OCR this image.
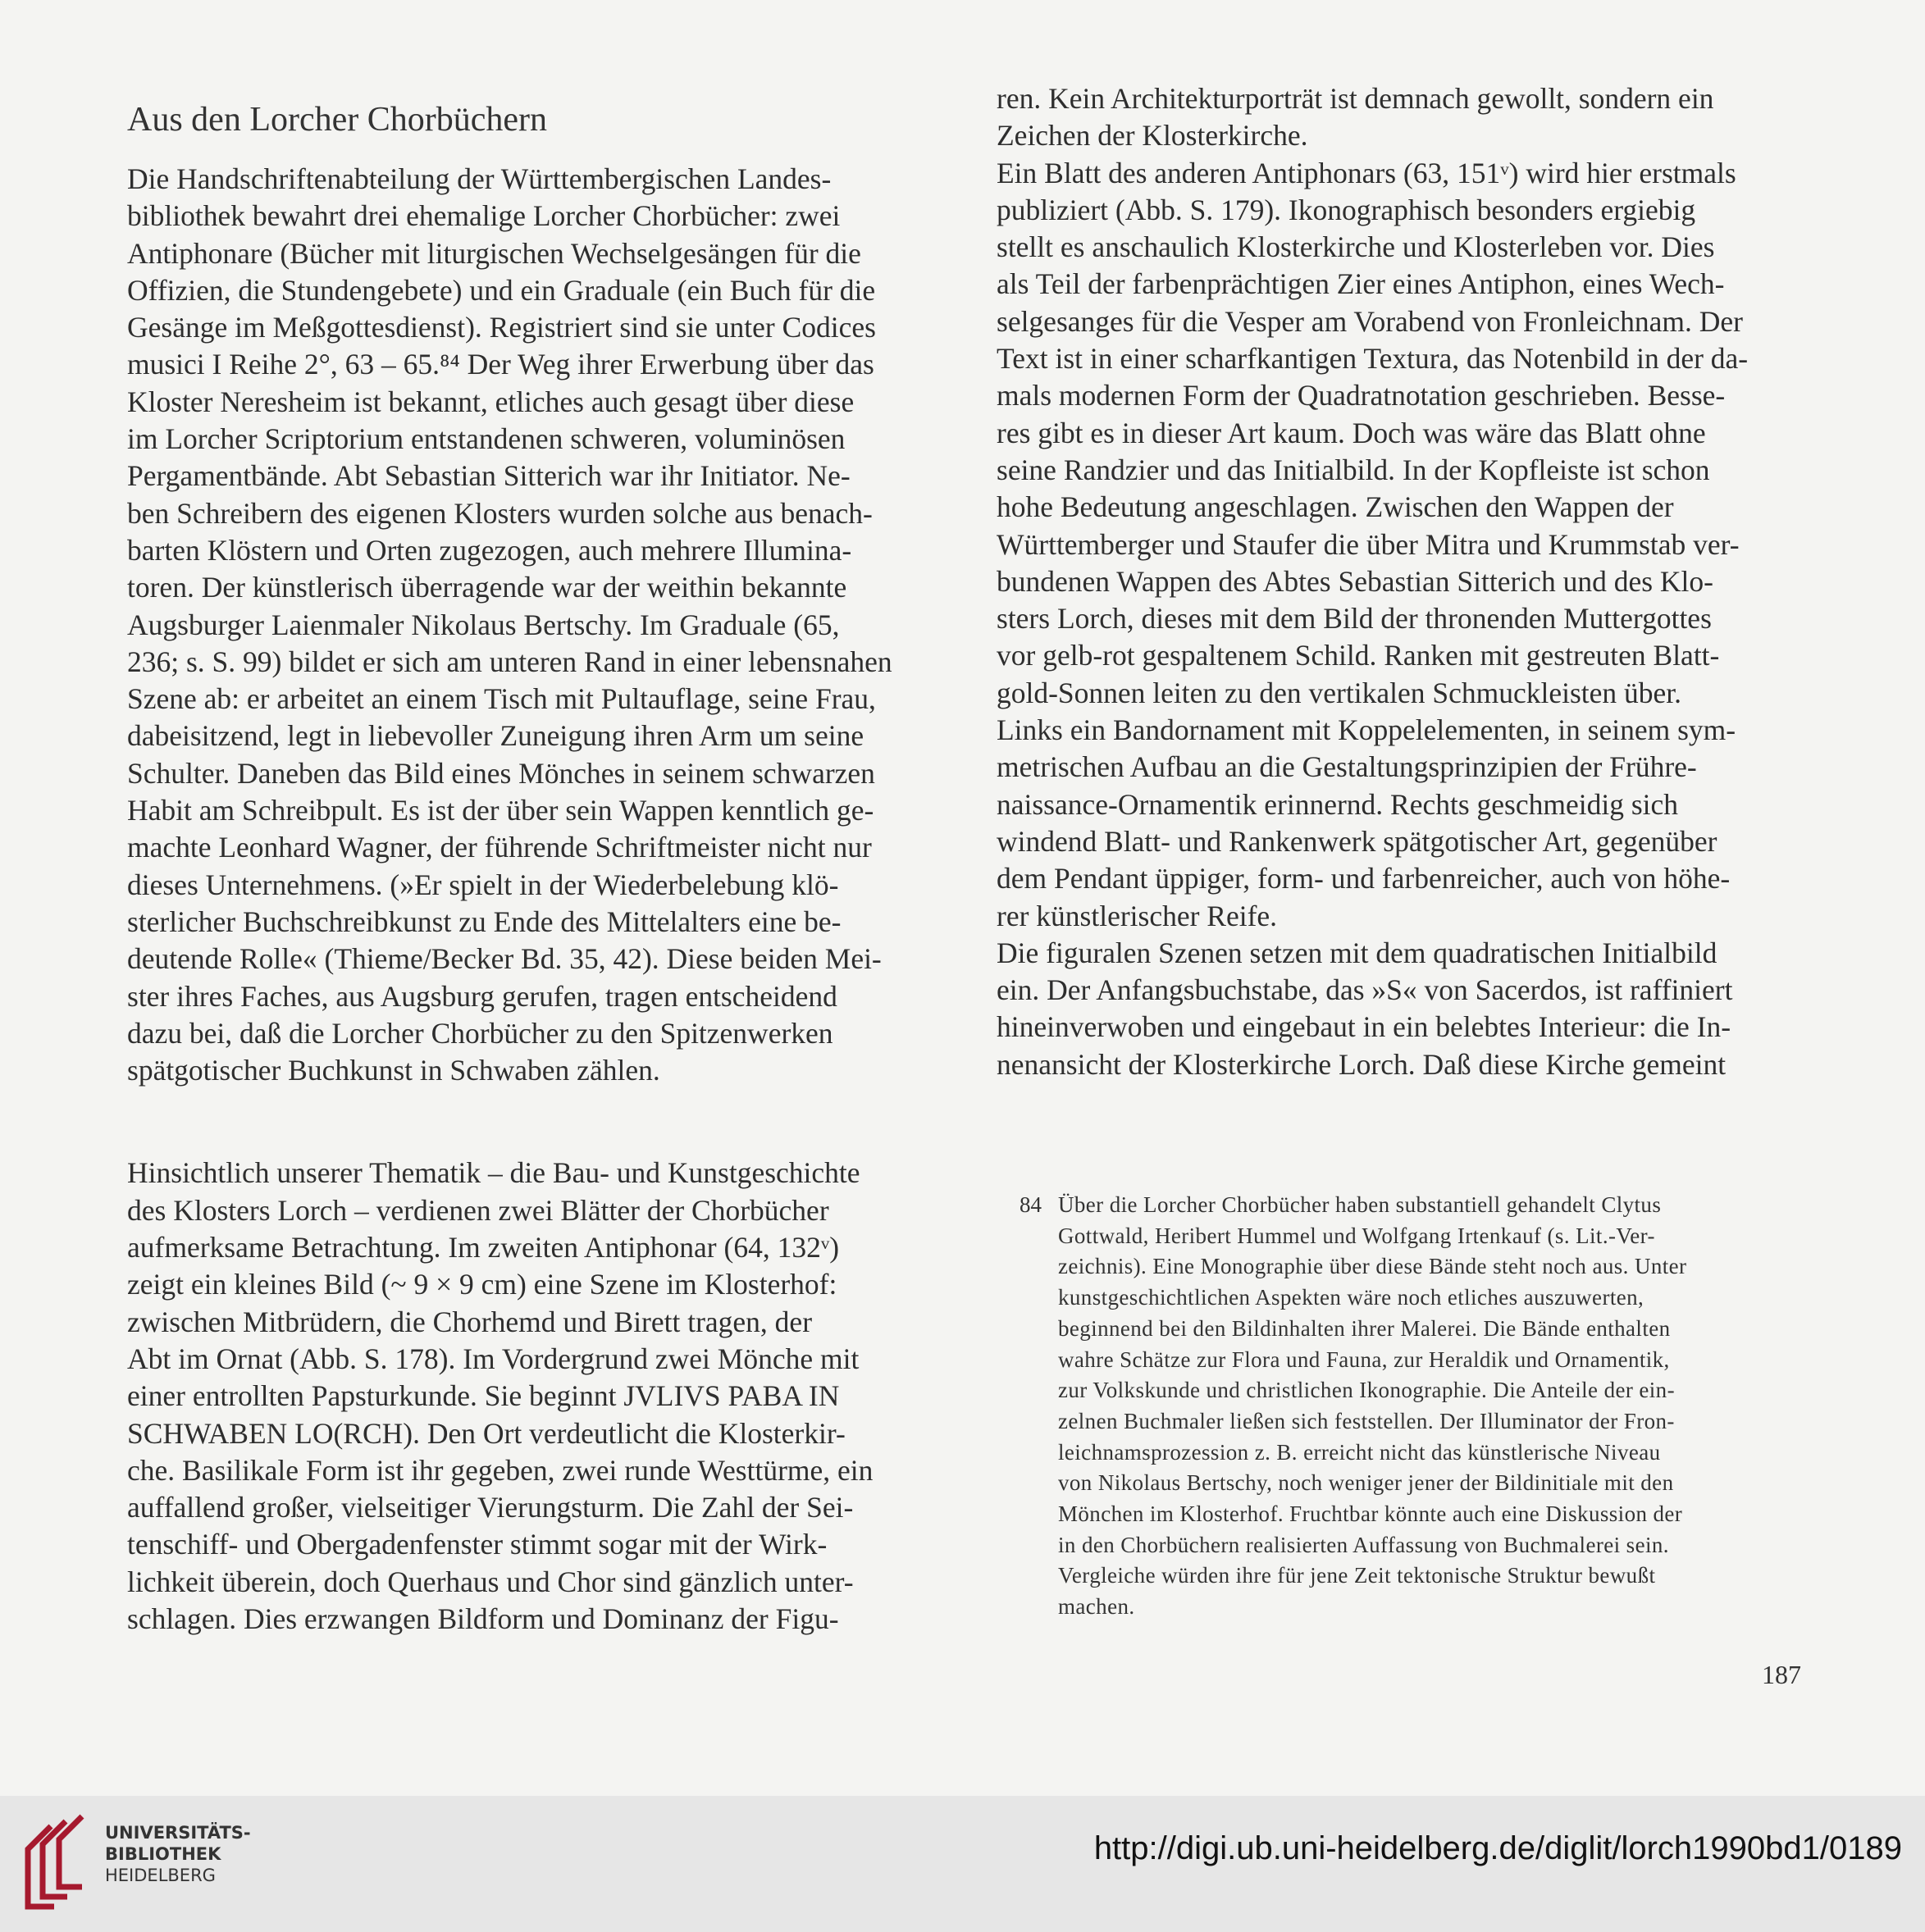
Aus den Lorcher Chorbüchern
Die Handschriftenabteilung der Württembergischen Landes-
bibliothek bewahrt drei ehemalige Lorcher Chorbücher: zwei
Antiphonare (Bücher mit liturgischen Wechselgesängen für die
Offizien, die Stundengebete) und ein Graduale (ein Buch für die
Gesänge im Meßgottesdienst). Registriert sind sie unter Codices
musici I Reihe 2°, 63 – 65.⁸⁴ Der Weg ihrer Erwerbung über das
Kloster Neresheim ist bekannt, etliches auch gesagt über diese
im Lorcher Scriptorium entstandenen schweren, voluminösen
Pergamentbände. Abt Sebastian Sitterich war ihr Initiator. Ne-
ben Schreibern des eigenen Klosters wurden solche aus benach-
barten Klöstern und Orten zugezogen, auch mehrere Illumina-
toren. Der künstlerisch überragende war der weithin bekannte
Augsburger Laienmaler Nikolaus Bertschy. Im Graduale (65,
236; s. S. 99) bildet er sich am unteren Rand in einer lebensnahen
Szene ab: er arbeitet an einem Tisch mit Pultauflage, seine Frau,
dabeisitzend, legt in liebevoller Zuneigung ihren Arm um seine
Schulter. Daneben das Bild eines Mönches in seinem schwarzen
Habit am Schreibpult. Es ist der über sein Wappen kenntlich ge-
machte Leonhard Wagner, der führende Schriftmeister nicht nur
dieses Unternehmens. (»Er spielt in der Wiederbelebung klö-
sterlicher Buchschreibkunst zu Ende des Mittelalters eine be-
deutende Rolle« (Thieme/Becker Bd. 35, 42). Diese beiden Mei-
ster ihres Faches, aus Augsburg gerufen, tragen entscheidend
dazu bei, daß die Lorcher Chorbücher zu den Spitzenwerken
spätgotischer Buchkunst in Schwaben zählen.
Hinsichtlich unserer Thematik – die Bau- und Kunstgeschichte
des Klosters Lorch – verdienen zwei Blätter der Chorbücher
aufmerksame Betrachtung. Im zweiten Antiphonar (64, 132ᵛ)
zeigt ein kleines Bild (~ 9 × 9 cm) eine Szene im Klosterhof:
zwischen Mitbrüdern, die Chorhemd und Birett tragen, der
Abt im Ornat (Abb. S. 178). Im Vordergrund zwei Mönche mit
einer entrollten Papsturkunde. Sie beginnt JVLIVS PABA IN
SCHWABEN LO(RCH). Den Ort verdeutlicht die Klosterkir-
che. Basilikale Form ist ihr gegeben, zwei runde Westtürme, ein
auffallend großer, vielseitiger Vierungsturm. Die Zahl der Sei-
tenschiff- und Obergadenfenster stimmt sogar mit der Wirk-
lichkeit überein, doch Querhaus und Chor sind gänzlich unter-
schlagen. Dies erzwangen Bildform und Dominanz der Figu-
ren. Kein Architekturporträt ist demnach gewollt, sondern ein
Zeichen der Klosterkirche.
Ein Blatt des anderen Antiphonars (63, 151ᵛ) wird hier erstmals
publiziert (Abb. S. 179). Ikonographisch besonders ergiebig
stellt es anschaulich Klosterkirche und Klosterleben vor. Dies
als Teil der farbenprächtigen Zier eines Antiphon, eines Wech-
selgesanges für die Vesper am Vorabend von Fronleichnam. Der
Text ist in einer scharfkantigen Textura, das Notenbild in der da-
mals modernen Form der Quadratnotation geschrieben. Besse-
res gibt es in dieser Art kaum. Doch was wäre das Blatt ohne
seine Randzier und das Initialbild. In der Kopfleiste ist schon
hohe Bedeutung angeschlagen. Zwischen den Wappen der
Württemberger und Staufer die über Mitra und Krummstab ver-
bundenen Wappen des Abtes Sebastian Sitterich und des Klo-
sters Lorch, dieses mit dem Bild der thronenden Muttergottes
vor gelb-rot gespaltenem Schild. Ranken mit gestreuten Blatt-
gold-Sonnen leiten zu den vertikalen Schmuckleisten über.
Links ein Bandornament mit Koppelelementen, in seinem sym-
metrischen Aufbau an die Gestaltungsprinzipien der Frühre-
naissance-Ornamentik erinnernd. Rechts geschmeidig sich
windend Blatt- und Rankenwerk spätgotischer Art, gegenüber
dem Pendant üppiger, form- und farbenreicher, auch von höhe-
rer künstlerischer Reife.
Die figuralen Szenen setzen mit dem quadratischen Initialbild
ein. Der Anfangsbuchstabe, das »S« von Sacerdos, ist raffiniert
hineinverwoben und eingebaut in ein belebtes Interieur: die In-
nenansicht der Klosterkirche Lorch. Daß diese Kirche gemeint
84 Über die Lorcher Chorbücher haben substantiell gehandelt Clytus
Gottwald, Heribert Hummel und Wolfgang Irtenkauf (s. Lit.-Ver-
zeichnis). Eine Monographie über diese Bände steht noch aus. Unter
kunstgeschichtlichen Aspekten wäre noch etliches auszuwerten,
beginnend bei den Bildinhalten ihrer Malerei. Die Bände enthalten
wahre Schätze zur Flora und Fauna, zur Heraldik und Ornamentik,
zur Volkskunde und christlichen Ikonographie. Die Anteile der ein-
zelnen Buchmaler ließen sich feststellen. Der Illuminator der Fron-
leichnamsprozession z. B. erreicht nicht das künstlerische Niveau
von Nikolaus Bertschy, noch weniger jener der Bildinitiale mit den
Mönchen im Klosterhof. Fruchtbar könnte auch eine Diskussion der
in den Chorbüchern realisierten Auffassung von Buchmalerei sein.
Vergleiche würden ihre für jene Zeit tektonische Struktur bewußt
machen.
187
UNIVERSITÄTS-
BIBLIOTHEK
HEIDELBERG
http://digi.ub.uni-heidelberg.de/diglit/lorch1990bd1/0189
